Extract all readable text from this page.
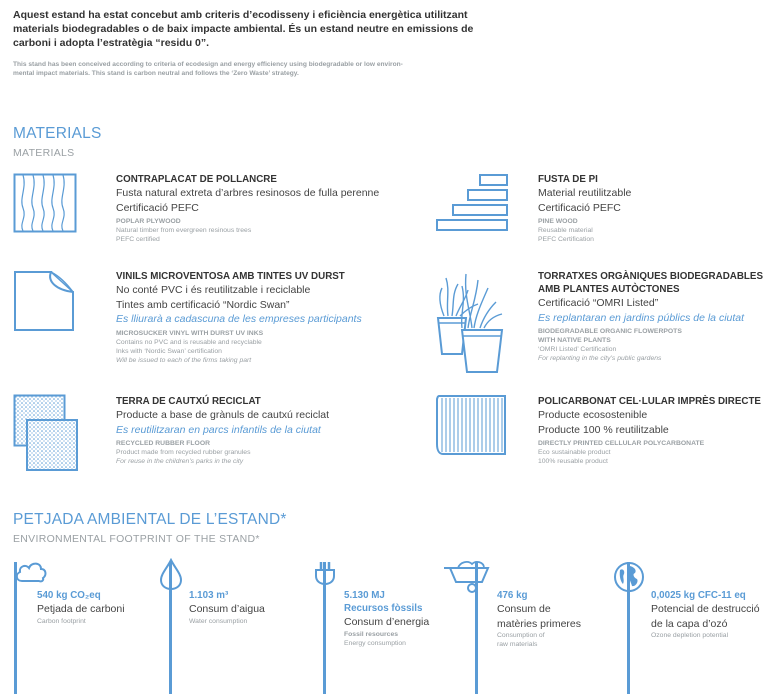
Aquest estand ha estat concebut amb criteris d’ecodisseny i eficiència energètica utilitzant
materials biodegradables o de baix impacte ambiental. És un estand neutre en emissions de
carboni i adopta l’estratègia “residu 0”.
This stand has been conceived according to criteria of ecodesign and energy efficiency using biodegradable or low environ-
mental impact materials. This stand is carbon neutral and follows the ‘Zero Waste’ strategy.
MATERIALS
MATERIALS
CONTRAPLACAT DE POLLANCRE
Fusta natural extreta d’arbres resinosos de fulla perenne
Certificació PEFC
POPLAR PLYWOOD
Natural timber from evergreen resinous trees
PEFC certified
FUSTA DE PI
Material reutilitzable
Certificació PEFC
PINE WOOD
Reusable material
PEFC Certification
VINILS MICROVENTOSA AMB TINTES UV DURST
No conté PVC i és reutilitzable i reciclable
Tintes amb certificació “Nordic Swan”
Es lliurarà a cadascuna de les empreses participants
MICROSUCKER VINYL WITH DURST UV INKS
Contains no PVC and is reusable and recyclable
Inks with ‘Nordic Swan’ certification
Will be issued to each of the firms taking part
TORRATXES ORGÀNIQUES BIODEGRADABLES
AMB PLANTES AUTÒCTONES
Certificació “OMRI Listed”
Es replantaran en jardins públics de la ciutat
BIODEGRADABLE ORGANIC FLOWERPOTS
WITH NATIVE PLANTS
‘OMRI Listed’ Certification
For replanting in the city’s public gardens
TERRA DE CAUTXÚ RECICLAT
Producte a base de grànuls de cautxú reciclat
Es reutilitzaran en parcs infantils de la ciutat
RECYCLED RUBBER FLOOR
Product made from recycled rubber granules
For reuse in the children’s parks in the city
POLICARBONAT CEL·LULAR IMPRÈS DIRECTE
Producte ecosostenible
Producte 100 % reutilitzable
DIRECTLY PRINTED CELLULAR POLYCARBONATE
Eco sustainable product
100% reusable product
PETJADA AMBIENTAL DE L’ESTAND*
ENVIRONMENTAL FOOTPRINT OF THE STAND*
540 kg CO₂eq
Petjada de carboni
Carbon footprint
1.103 m³
Consum d’aigua
Water consumption
5.130 MJ
Recursos fòssils
Consum d’energia
Fossil resources
Energy consumption
476 kg
Consum de
matèries primeres
Consumption of
raw materials
0,0025 kg CFC-11 eq
Potencial de destrucció
de la capa d’ozó
Ozone depletion potential
